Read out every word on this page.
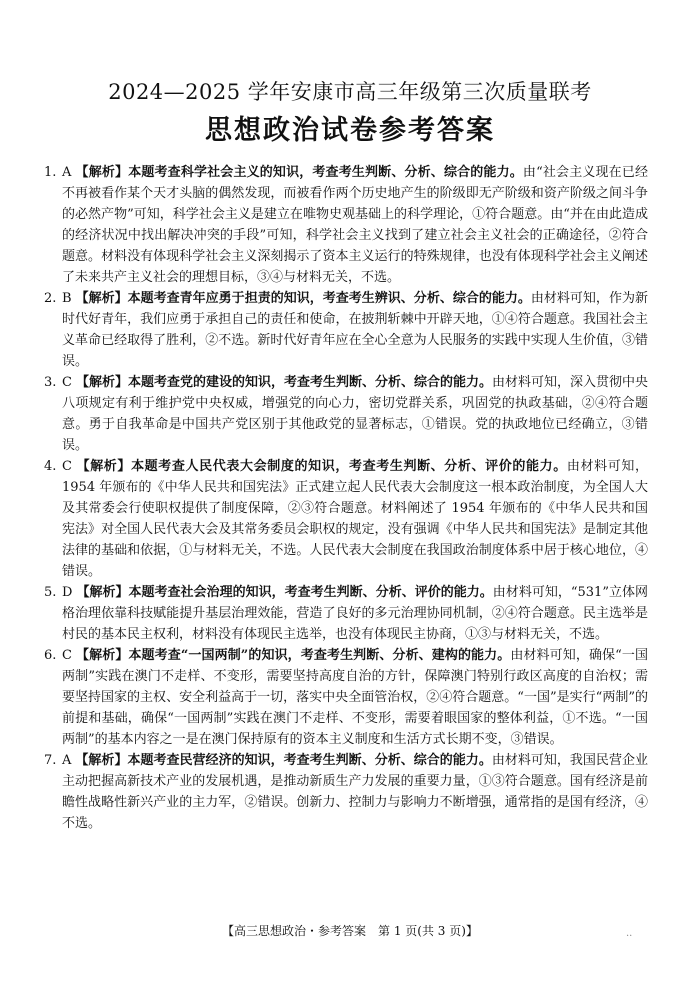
2024—2025 学年安康市高三年级第三次质量联考
思想政治试卷参考答案
1. A 【解析】本题考查科学社会主义的知识，考查考生判断、分析、综合的能力。由“社会主义现在已经不再被看作某个天才头脑的偶然发现，而被看作两个历史地产生的阶级即无产阶级和资产阶级之间斗争的必然产物”可知，科学社会主义是建立在唯物史观基础上的科学理论，①符合题意。由“并在由此造成的经济状况中找出解决冲突的手段”可知，科学社会主义找到了建立社会主义社会的正确途径，②符合题意。材料没有体现科学社会主义深刻揭示了资本主义运行的特殊规律，也没有体现科学社会主义阐述了未来共产主义社会的理想目标，③④与材料无关，不选。
2. B 【解析】本题考查青年应勇于担责的知识，考查考生辨识、分析、综合的能力。由材料可知，作为新时代好青年，我们应勇于承担自己的责任和使命，在披荆斩棘中开辟天地，①④符合题意。我国社会主义革命已经取得了胜利，②不选。新时代好青年应在全心全意为人民服务的实践中实现人生价值，③错误。
3. C 【解析】本题考查党的建设的知识，考查考生判断、分析、综合的能力。由材料可知，深入贯彻中央八项规定有利于维护党中央权威，增强党的向心力，密切党群关系，巩固党的执政基础，②④符合题意。勇于自我革命是中国共产党区别于其他政党的显著标志，①错误。党的执政地位已经确立，③错误。
4. C 【解析】本题考查人民代表大会制度的知识，考查考生判断、分析、评价的能力。由材料可知，1954 年颁布的《中华人民共和国宪法》正式建立起人民代表大会制度这一根本政治制度，为全国人大及其常委会行使职权提供了制度保障，②③符合题意。材料阐述了 1954 年颁布的《中华人民共和国宪法》对全国人民代表大会及其常务委员会职权的规定，没有强调《中华人民共和国宪法》是制定其他法律的基础和依据，①与材料无关，不选。人民代表大会制度在我国政治制度体系中居于核心地位，④错误。
5. D 【解析】本题考查社会治理的知识，考查考生判断、分析、评价的能力。由材料可知，“531”立体网格治理依靠科技赋能提升基层治理效能，营造了良好的多元治理协同机制，②④符合题意。民主选举是村民的基本民主权利，材料没有体现民主选举，也没有体现民主协商，①③与材料无关，不选。
6. C 【解析】本题考查“一国两制”的知识，考查考生判断、分析、建构的能力。由材料可知，确保“一国两制”实践在澳门不走样、不变形，需要坚持高度自治的方针，保障澳门特别行政区高度的自治权；需要坚持国家的主权、安全利益高于一切，落实中央全面管治权，②④符合题意。“一国”是实行“两制”的前提和基础，确保“一国两制”实践在澳门不走样、不变形，需要着眼国家的整体利益，①不选。“一国两制”的基本内容之一是在澳门保持原有的资本主义制度和生活方式长期不变，③错误。
7. A 【解析】本题考查民营经济的知识，考查考生判断、分析、综合的能力。由材料可知，我国民营企业主动把握高新技术产业的发展机遇，是推动新质生产力发展的重要力量，①③符合题意。国有经济是前瞻性战略性新兴产业的主力军，②错误。创新力、控制力与影响力不断增强，通常指的是国有经济，④不选。
【高三思想政治・参考答案　第 1 页(共 3 页)】	..
